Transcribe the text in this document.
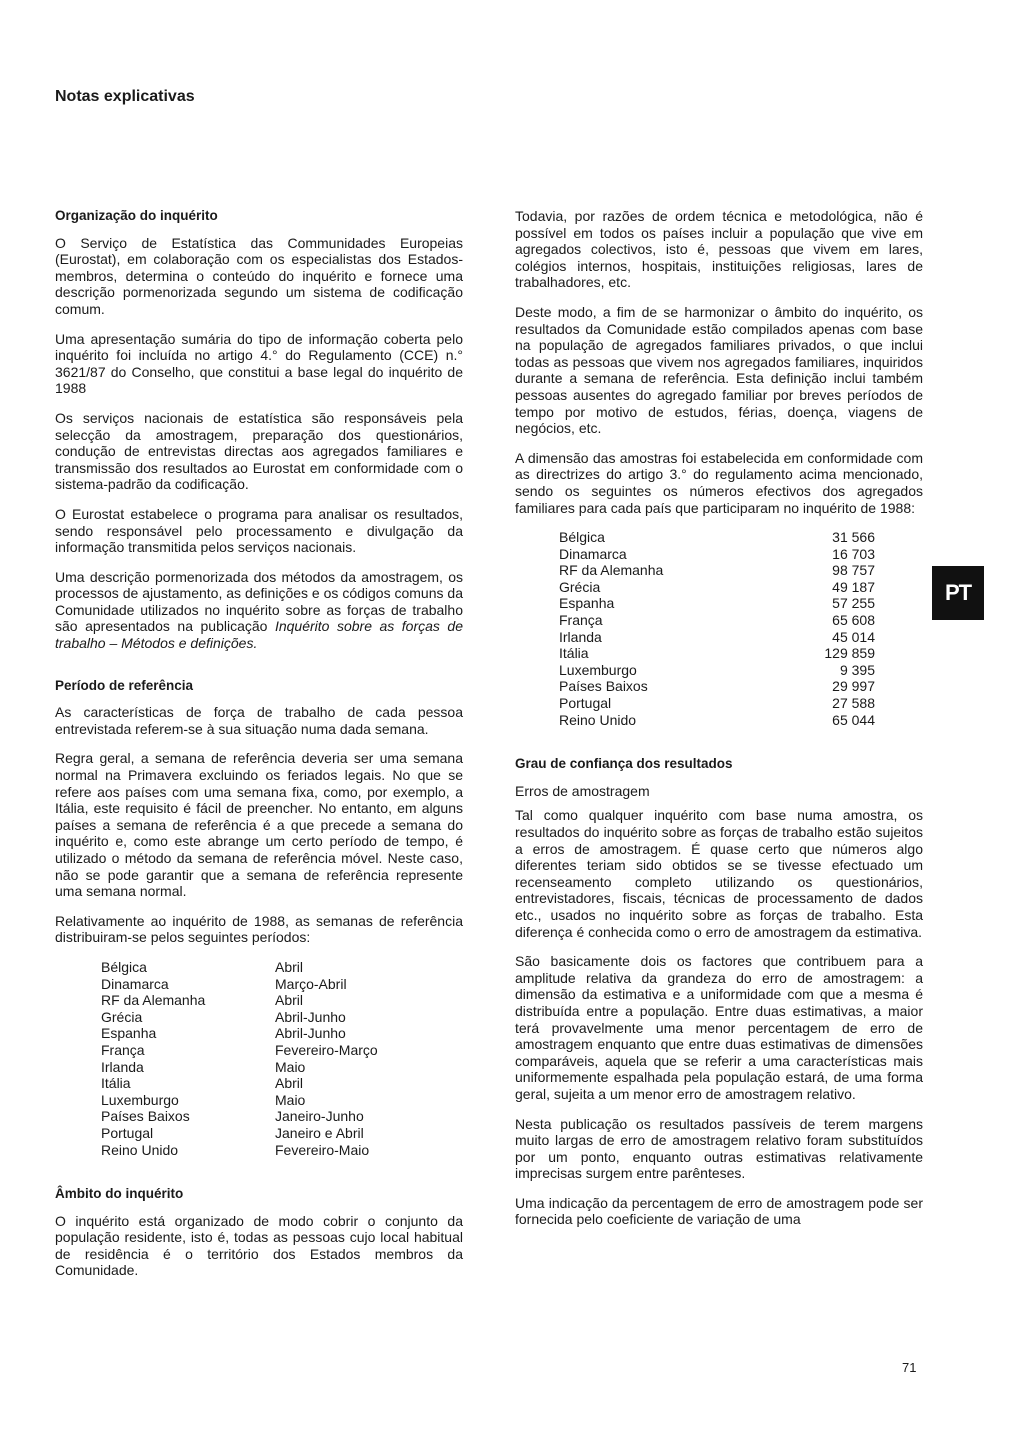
Notas explicativas
Organização do inquérito

O Serviço de Estatística das Communidades Europeias (Eurostat), em colaboração com os especialistas dos Estados-membros, determina o conteúdo do inquérito e fornece uma descrição pormenorizada segundo um sistema de codificação comum.

Uma apresentação sumária do tipo de informação coberta pelo inquérito foi incluída no artigo 4.° do Regulamento (CCE) n.° 3621/87 do Conselho, que constitui a base legal do inquérito de 1988

Os serviços nacionais de estatística são responsáveis pela selecção da amostragem, preparação dos questionários, condução de entrevistas directas aos agregados familiares e transmissão dos resultados ao Eurostat em conformidade com o sistema-padrão da codificação.

O Eurostat estabelece o programa para analisar os resultados, sendo responsável pelo processamento e divulgação da informação transmitida pelos serviços nacionais.

Uma descrição pormenorizada dos métodos da amostragem, os processos de ajustamento, as definições e os códigos comuns da Comunidade utilizados no inquérito sobre as forças de trabalho são apresentados na publicação Inquérito sobre as forças de trabalho – Métodos e definições.

Período de referência

As características de força de trabalho de cada pessoa entrevistada referem-se à sua situação numa dada semana.

Regra geral, a semana de referência deveria ser uma semana normal na Primavera excluindo os feriados legais. No que se refere aos países com uma semana fixa, como, por exemplo, a Itália, este requisito é fácil de preencher. No entanto, em alguns países a semana de referência é a que precede a semana do inquérito e, como este abrange um certo período de tempo, é utilizado o método da semana de referência móvel. Neste caso, não se pode garantir que a semana de referência represente uma semana normal.

Relativamente ao inquérito de 1988, as semanas de referência distribuiram-se pelos seguintes períodos:

Bélgica	Abril
Dinamarca	Março-Abril
RF da Alemanha	Abril
Grécia	Abril-Junho
Espanha	Abril-Junho
França	Fevereiro-Março
Irlanda	Maio
Itália	Abril
Luxemburgo	Maio
Países Baixos	Janeiro-Junho
Portugal	Janeiro e Abril
Reino Unido	Fevereiro-Maio
Âmbito do inquérito

O inquérito está organizado de modo cobrir o conjunto da população residente, isto é, todas as pessoas cujo local habitual de residência é o território dos Estados membros da Comunidade.

Todavia, por razões de ordem técnica e metodológica, não é possível em todos os países incluir a população que vive em agregados colectivos, isto é, pessoas que vivem em lares, colégios internos, hospitais, instituições religiosas, lares de trabalhadores, etc.

Deste modo, a fim de se harmonizar o âmbito do inquérito, os resultados da Comunidade estão compilados apenas com base na população de agregados familiares privados, o que inclui todas as pessoas que vivem nos agregados familiares, inquiridos durante a semana de referência. Esta definição inclui também pessoas ausentes do agregado familiar por breves períodos de tempo por motivo de estudos, férias, doença, viagens de negócios, etc.

A dimensão das amostras foi estabelecida em conformidade com as directrizes do artigo 3.° do regulamento acima mencionado, sendo os seguintes os números efectivos dos agregados familiares para cada país que participaram no inquérito de 1988:

Bélgica	31 566
Dinamarca	16 703
RF da Alemanha	98 757
Grécia	49 187
Espanha	57 255
França	65 608
Irlanda	45 014
Itália	129 859
Luxemburgo	9 395
Países Baixos	29 997
Portugal	27 588
Reino Unido	65 044
Grau de confiança dos resultados
Erros de amostragem

Tal como qualquer inquérito com base numa amostra, os resultados do inquérito sobre as forças de trabalho estão sujeitos a erros de amostragem. É quase certo que números algo diferentes teriam sido obtidos se se tivesse efectuado um recenseamento completo utilizando os questionários, entrevistadores, fiscais, técnicas de processamento de dados etc., usados no inquérito sobre as forças de trabalho. Esta diferença é conhecida como o erro de amostragem da estimativa.

São basicamente dois os factores que contribuem para a amplitude relativa da grandeza do erro de amostragem: a dimensão da estimativa e a uniformidade com que a mesma é distribuída entre a população. Entre duas estimativas, a maior terá provavelmente uma menor percentagem de erro de amostragem enquanto que entre duas estimativas de dimensões comparáveis, aquela que se referir a uma características mais uniformemente espalhada pela população estará, de uma forma geral, sujeita a um menor erro de amostragem relativo.

Nesta publicação os resultados passíveis de terem margens muito largas de erro de amostragem relativo foram substituídos por um ponto, enquanto outras estimativas relativamente imprecisas surgem entre parênteses.

Uma indicação da percentagem de erro de amostragem pode ser fornecida pelo coeficiente de variação de uma

PT
71
